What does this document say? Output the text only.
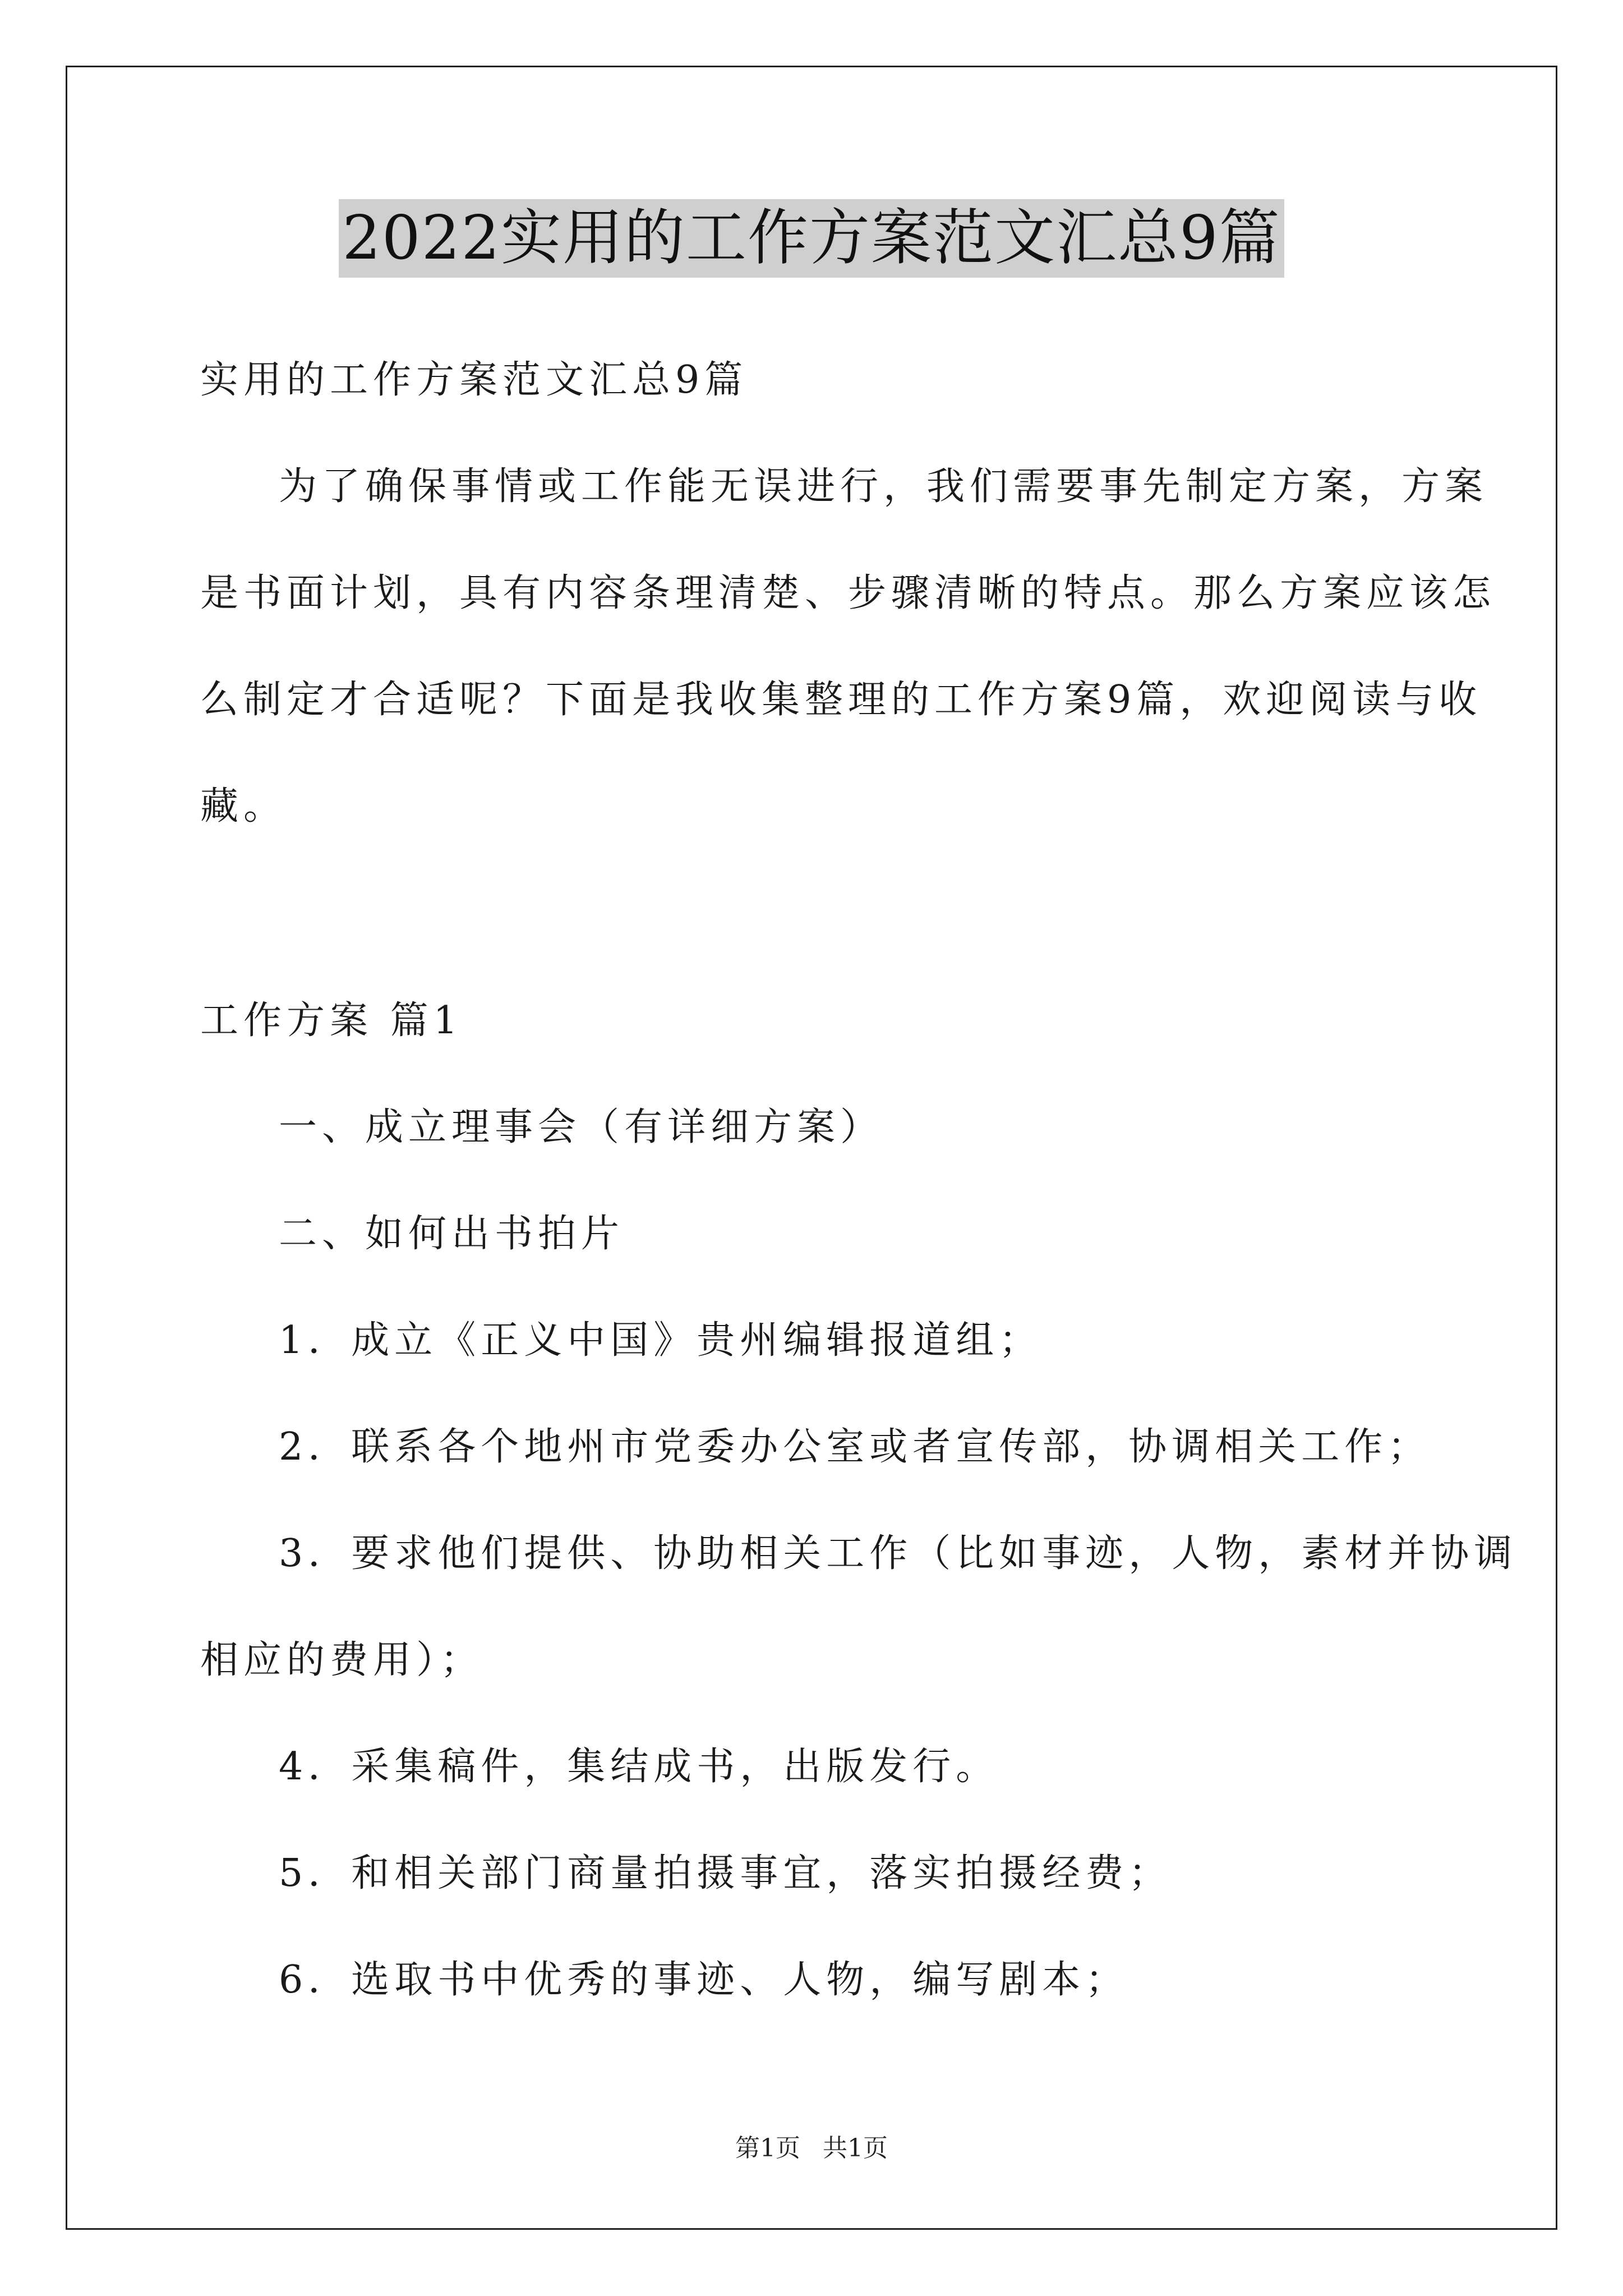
2022实用的工作方案范文汇总9篇
实用的工作方案范文汇总9篇
为了确保事情或工作能无误进行，我们需要事先制定方案，方案
是书面计划，具有内容条理清楚、步骤清晰的特点。那么方案应该怎
么制定才合适呢？下面是我收集整理的工作方案9篇，欢迎阅读与收
藏。
工作方案 篇1
一、成立理事会（有详细方案）
二、如何出书拍片
1．成立《正义中国》贵州编辑报道组；
2．联系各个地州市党委办公室或者宣传部，协调相关工作；
3．要求他们提供、协助相关工作（比如事迹，人物，素材并协调
相应的费用）；
4．采集稿件，集结成书，出版发行。
5．和相关部门商量拍摄事宜，落实拍摄经费；
6．选取书中优秀的事迹、人物，编写剧本；
第1页 共1页
